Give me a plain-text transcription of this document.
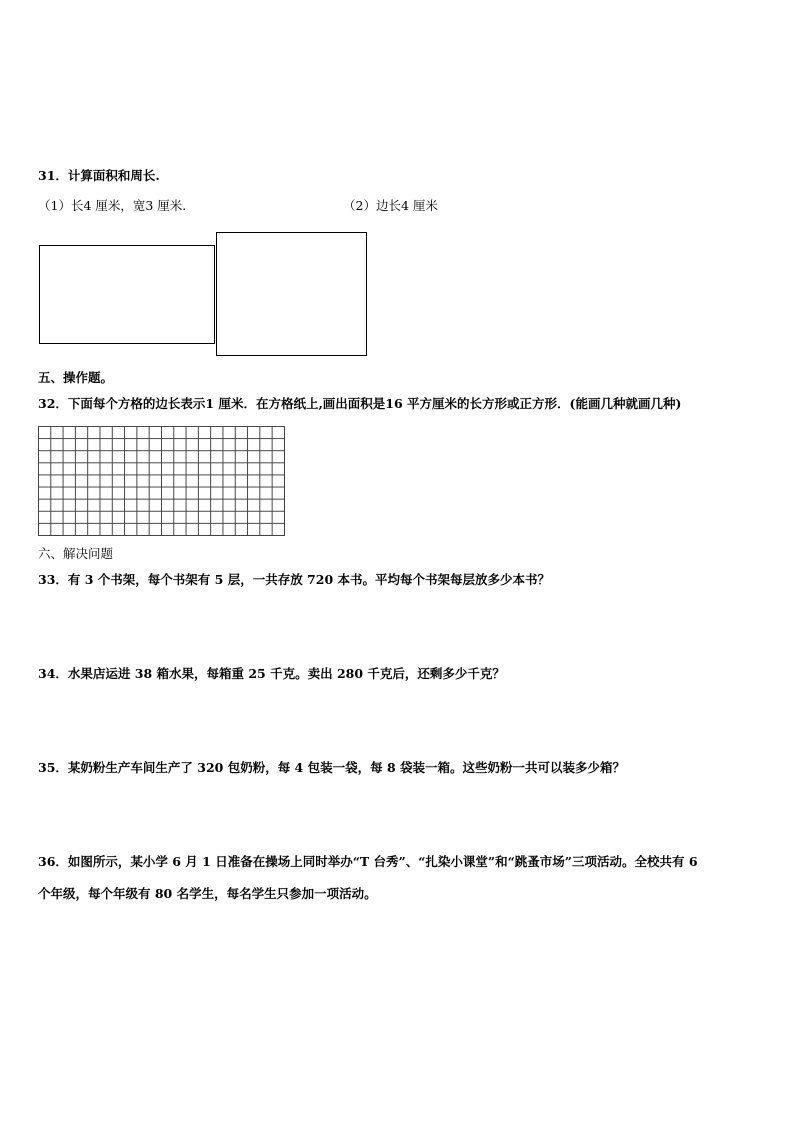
31．计算面积和周长.
（1）长4 厘米，宽3 厘米.	（2）边长4 厘米
五、操作题。
32．下面每个方格的边长表示1 厘米．在方格纸上,画出面积是16 平方厘米的长方形或正方形．(能画几种就画几种)
六、解决问题
33．有 3 个书架，每个书架有 5 层，一共存放 720 本书。平均每个书架每层放多少本书？
34．水果店运进 38 箱水果，每箱重 25 千克。卖出 280 千克后，还剩多少千克？
35．某奶粉生产车间生产了 320 包奶粉，每 4 包装一袋，每 8 袋装一箱。这些奶粉一共可以装多少箱？
36．如图所示，某小学 6 月 1 日准备在操场上同时举办“T 台秀”、“扎染小课堂”和“跳蚤市场”三项活动。全校共有 6
个年级，每个年级有 80 名学生，每名学生只参加一项活动。
